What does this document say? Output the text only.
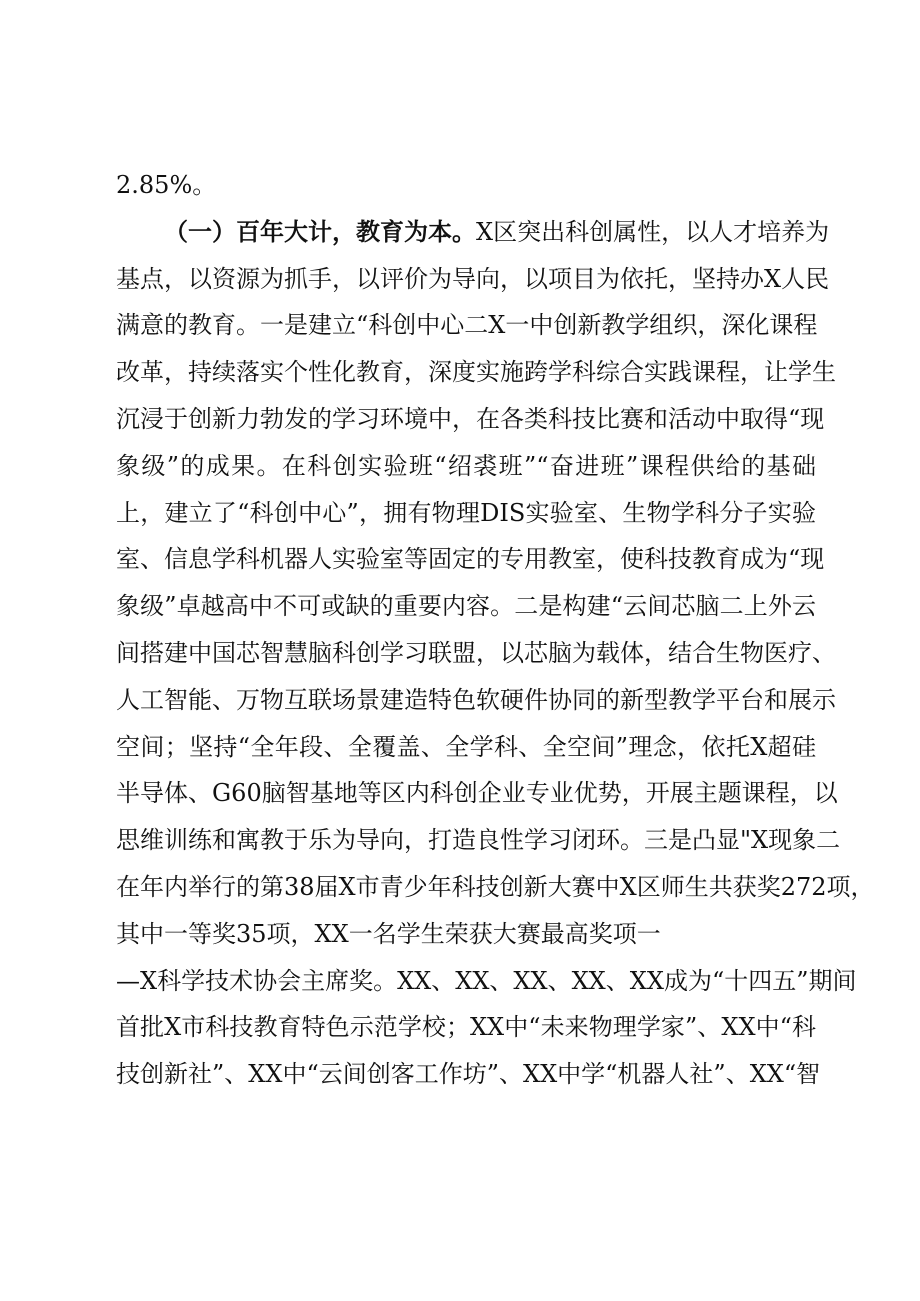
2.85%。
（一）百年大计，教育为本。X区突出科创属性，以人才培养为
基点，以资源为抓手，以评价为导向，以项目为依托，坚持办X人民
满意的教育。一是建立“科创中心二X一中创新教学组织，深化课程
改革，持续落实个性化教育，深度实施跨学科综合实践课程，让学生
沉浸于创新力勃发的学习环境中，在各类科技比赛和活动中取得“现
象级”的成果。在科创实验班“绍裘班”“奋进班”课程供给的基础
上，建立了“科创中心”，拥有物理DIS实验室、生物学科分子实验
室、信息学科机器人实验室等固定的专用教室，使科技教育成为“现
象级”卓越高中不可或缺的重要内容。二是构建“云间芯脑二上外云
间搭建中国芯智慧脑科创学习联盟，以芯脑为载体，结合生物医疗、
人工智能、万物互联场景建造特色软硬件协同的新型教学平台和展示
空间；坚持“全年段、全覆盖、全学科、全空间”理念，依托X超硅
半导体、G60脑智基地等区内科创企业专业优势，开展主题课程，以
思维训练和寓教于乐为导向，打造良性学习闭环。三是凸显"X现象二
在年内举行的第38届X市青少年科技创新大赛中X区师生共获奖272项，
其中一等奖35项，XX一名学生荣获大赛最高奖项一
—X科学技术协会主席奖。XX、XX、XX、XX、XX成为“十四五”期间
首批X市科技教育特色示范学校；XX中“未来物理学家”、XX中“科
技创新社”、XX中“云间创客工作坊”、XX中学“机器人社”、XX“智
